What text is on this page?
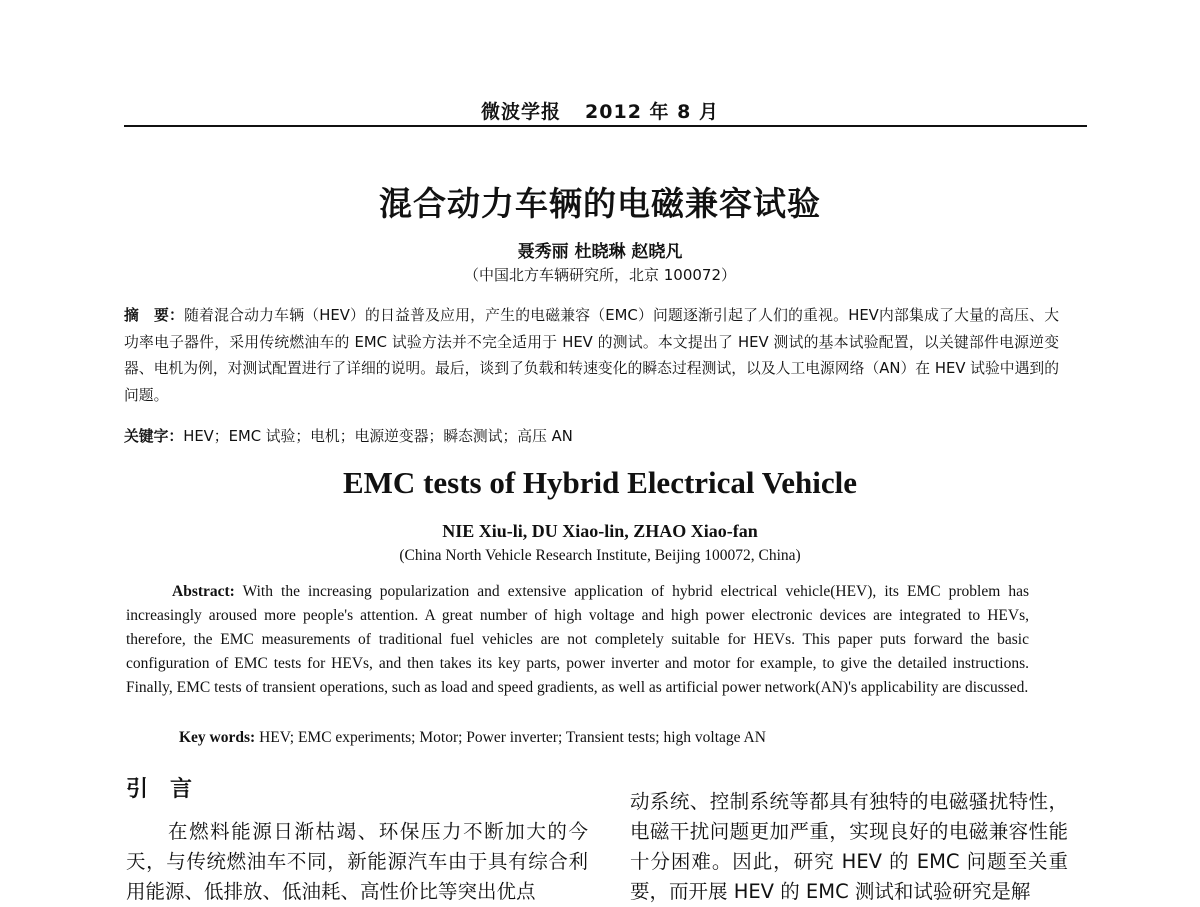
微波学报 2012 年 8 月
混合动力车辆的电磁兼容试验
聂秀丽 杜晓琳 赵晓凡
（中国北方车辆研究所，北京 100072）
摘　要：随着混合动力车辆（HEV）的日益普及应用，产生的电磁兼容（EMC）问题逐渐引起了人们的重视。HEV内部集成了大量的高压、大功率电子器件，采用传统燃油车的 EMC 试验方法并不完全适用于 HEV 的测试。本文提出了 HEV 测试的基本试验配置，以关键部件电源逆变器、电机为例，对测试配置进行了详细的说明。最后，谈到了负载和转速变化的瞬态过程测试，以及人工电源网络（AN）在 HEV 试验中遇到的问题。
关键字：HEV；EMC 试验；电机；电源逆变器；瞬态测试；高压 AN
EMC tests of Hybrid Electrical Vehicle
NIE Xiu-li, DU Xiao-lin, ZHAO Xiao-fan
(China North Vehicle Research Institute, Beijing 100072, China)
Abstract: With the increasing popularization and extensive application of hybrid electrical vehicle(HEV), its EMC problem has increasingly aroused more people's attention. A great number of high voltage and high power electronic devices are integrated to HEVs, therefore, the EMC measurements of traditional fuel vehicles are not completely suitable for HEVs. This paper puts forward the basic configuration of EMC tests for HEVs, and then takes its key parts, power inverter and motor for example, to give the detailed instructions. Finally, EMC tests of transient operations, such as load and speed gradients, as well as artificial power network(AN)'s applicability are discussed.
Key words: HEV; EMC experiments; Motor; Power inverter; Transient tests; high voltage AN
引 言

在燃料能源日渐枯竭、环保压力不断加大的今天，与传统燃油车不同，新能源汽车由于具有综合利用能源、低排放、低油耗、高性价比等突出优点

动系统、控制系统等都具有独特的电磁骚扰特性，电磁干扰问题更加严重，实现良好的电磁兼容性能十分困难。因此，研究 HEV 的 EMC 问题至关重要，而开展 HEV 的 EMC 测试和试验研究是解
